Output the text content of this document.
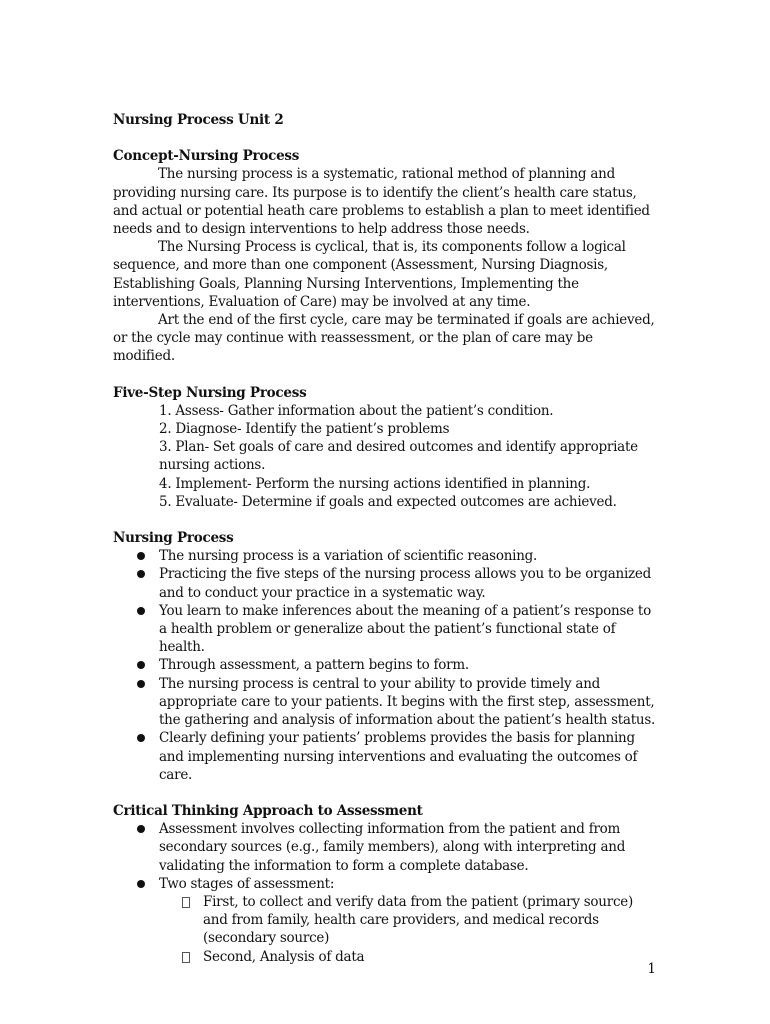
Nursing Process Unit 2

Concept-Nursing Process

The nursing process is a systematic, rational method of planning and providing nursing care. Its purpose is to identify the client’s health care status, and actual or potential heath care problems to establish a plan to meet identified needs and to design interventions to help address those needs.

The Nursing Process is cyclical, that is, its components follow a logical sequence, and more than one component (Assessment, Nursing Diagnosis, Establishing Goals, Planning Nursing Interventions, Implementing the interventions, Evaluation of Care) may be involved at any time.

Art the end of the first cycle, care may be terminated if goals are achieved, or the cycle may continue with reassessment, or the plan of care may be modified.

Five-Step Nursing Process

1. Assess- Gather information about the patient’s condition.
2. Diagnose- Identify the patient’s problems
3. Plan- Set goals of care and desired outcomes and identify appropriate nursing actions.
4. Implement- Perform the nursing actions identified in planning.
5. Evaluate- Determine if goals and expected outcomes are achieved.

Nursing Process

The nursing process is a variation of scientific reasoning.
Practicing the five steps of the nursing process allows you to be organized and to conduct your practice in a systematic way.
You learn to make inferences about the meaning of a patient’s response to a health problem or generalize about the patient’s functional state of health.
Through assessment, a pattern begins to form.
The nursing process is central to your ability to provide timely and appropriate care to your patients. It begins with the first step, assessment, the gathering and analysis of information about the patient’s health status.
Clearly defining your patients’ problems provides the basis for planning and implementing nursing interventions and evaluating the outcomes of care.

Critical Thinking Approach to Assessment

Assessment involves collecting information from the patient and from secondary sources (e.g., family members), along with interpreting and validating the information to form a complete database.
Two stages of assessment:
First, to collect and verify data from the patient (primary source) and from family, health care providers, and medical records (secondary source)
Second, Analysis of data
1
